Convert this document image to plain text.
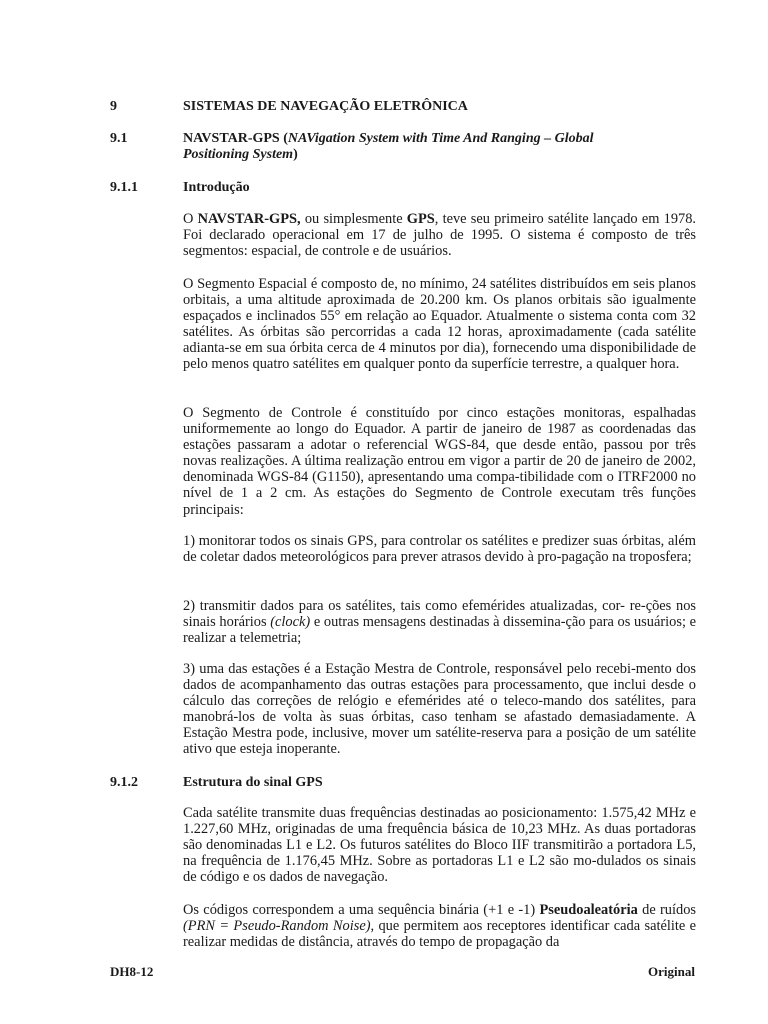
9	SISTEMAS DE NAVEGAÇÃO ELETRÔNICA
9.1	NAVSTAR-GPS (NAVigation System with Time And Ranging – Global Positioning System)
9.1.1	Introdução

O NAVSTAR-GPS, ou simplesmente GPS, teve seu primeiro satélite lançado em 1978. Foi declarado operacional em 17 de julho de 1995. O sistema é composto de três segmentos: espacial, de controle e de usuários.

O Segmento Espacial é composto de, no mínimo, 24 satélites distribuídos em seis planos orbitais, a uma altitude aproximada de 20.200 km. Os planos orbitais são igualmente espaçados e inclinados 55° em relação ao Equador. Atualmente o sistema conta com 32 satélites. As órbitas são percorridas a cada 12 horas, aproximadamente (cada satélite adianta-se em sua órbita cerca de 4 minutos por dia), fornecendo uma disponibilidade de pelo menos quatro satélites em qualquer ponto da superfície terrestre, a qualquer hora.

O Segmento de Controle é constituído por cinco estações monitoras, espalhadas uniformemente ao longo do Equador. A partir de janeiro de 1987 as coordenadas das estações passaram a adotar o referencial WGS-84, que desde então, passou por três novas realizações. A última realização entrou em vigor a partir de 20 de janeiro de 2002, denominada WGS-84 (G1150), apresentando uma compa-tibilidade com o ITRF2000 no nível de 1 a 2 cm. As estações do Segmento de Controle executam três funções principais:

1) monitorar todos os sinais GPS, para controlar os satélites e predizer suas órbitas, além de coletar dados meteorológicos para prever atrasos devido à pro-pagação na troposfera;

2) transmitir dados para os satélites, tais como efemérides atualizadas, cor- re-ções nos sinais horários (clock) e outras mensagens destinadas à dissemina-ção para os usuários; e realizar a telemetria;

3) uma das estações é a Estação Mestra de Controle, responsável pelo recebi-mento dos dados de acompanhamento das outras estações para processamento, que inclui desde o cálculo das correções de relógio e efemérides até o teleco-mando dos satélites, para manobrá-los de volta às suas órbitas, caso tenham se afastado demasiadamente. A Estação Mestra pode, inclusive, mover um satélite-reserva para a posição de um satélite ativo que esteja inoperante.

9.1.2	Estrutura do sinal GPS

Cada satélite transmite duas frequências destinadas ao posicionamento: 1.575,42 MHz e 1.227,60 MHz, originadas de uma frequência básica de 10,23 MHz. As duas portadoras são denominadas L1 e L2. Os futuros satélites do Bloco IIF transmitirão a portadora L5, na frequência de 1.176,45 MHz. Sobre as portadoras L1 e L2 são mo-dulados os sinais de código e os dados de navegação.

Os códigos correspondem a uma sequência binária (+1 e -1) Pseudoaleatória de ruídos (PRN = Pseudo-Random Noise), que permitem aos receptores identificar cada satélite e realizar medidas de distância, através do tempo de propagação da

DH8-12	Original
